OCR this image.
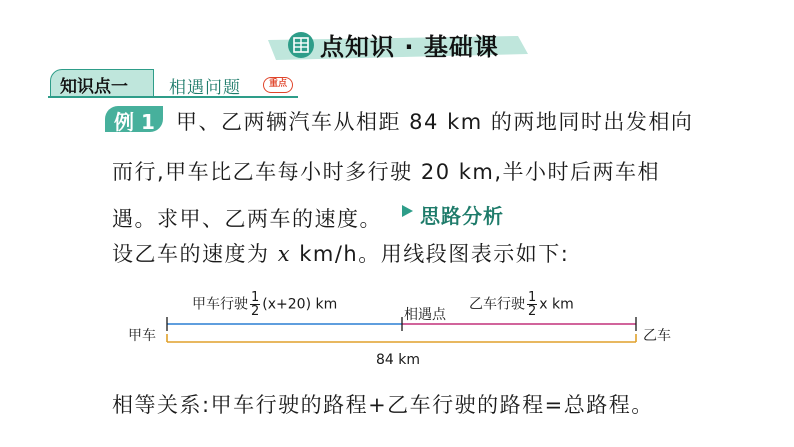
点知识 · 基础课
知识点一 相遇问题	重点
例 1 甲、乙两辆汽车从相距 84 km 的两地同时出发相向
而行,甲车比乙车每小时多行驶 20 km,半小时后两车相
遇。求甲、乙两车的速度。 思路分析
设乙车的速度为 x km/h。用线段图表示如下:
甲车行驶 $\frac{1}{2} (x+20)$ km
相遇点
乙车行驶 $\frac{1}{2}$ x km
甲车	乙车
84 km
相等关系:甲车行驶的路程+乙车行驶的路程=总路程。
